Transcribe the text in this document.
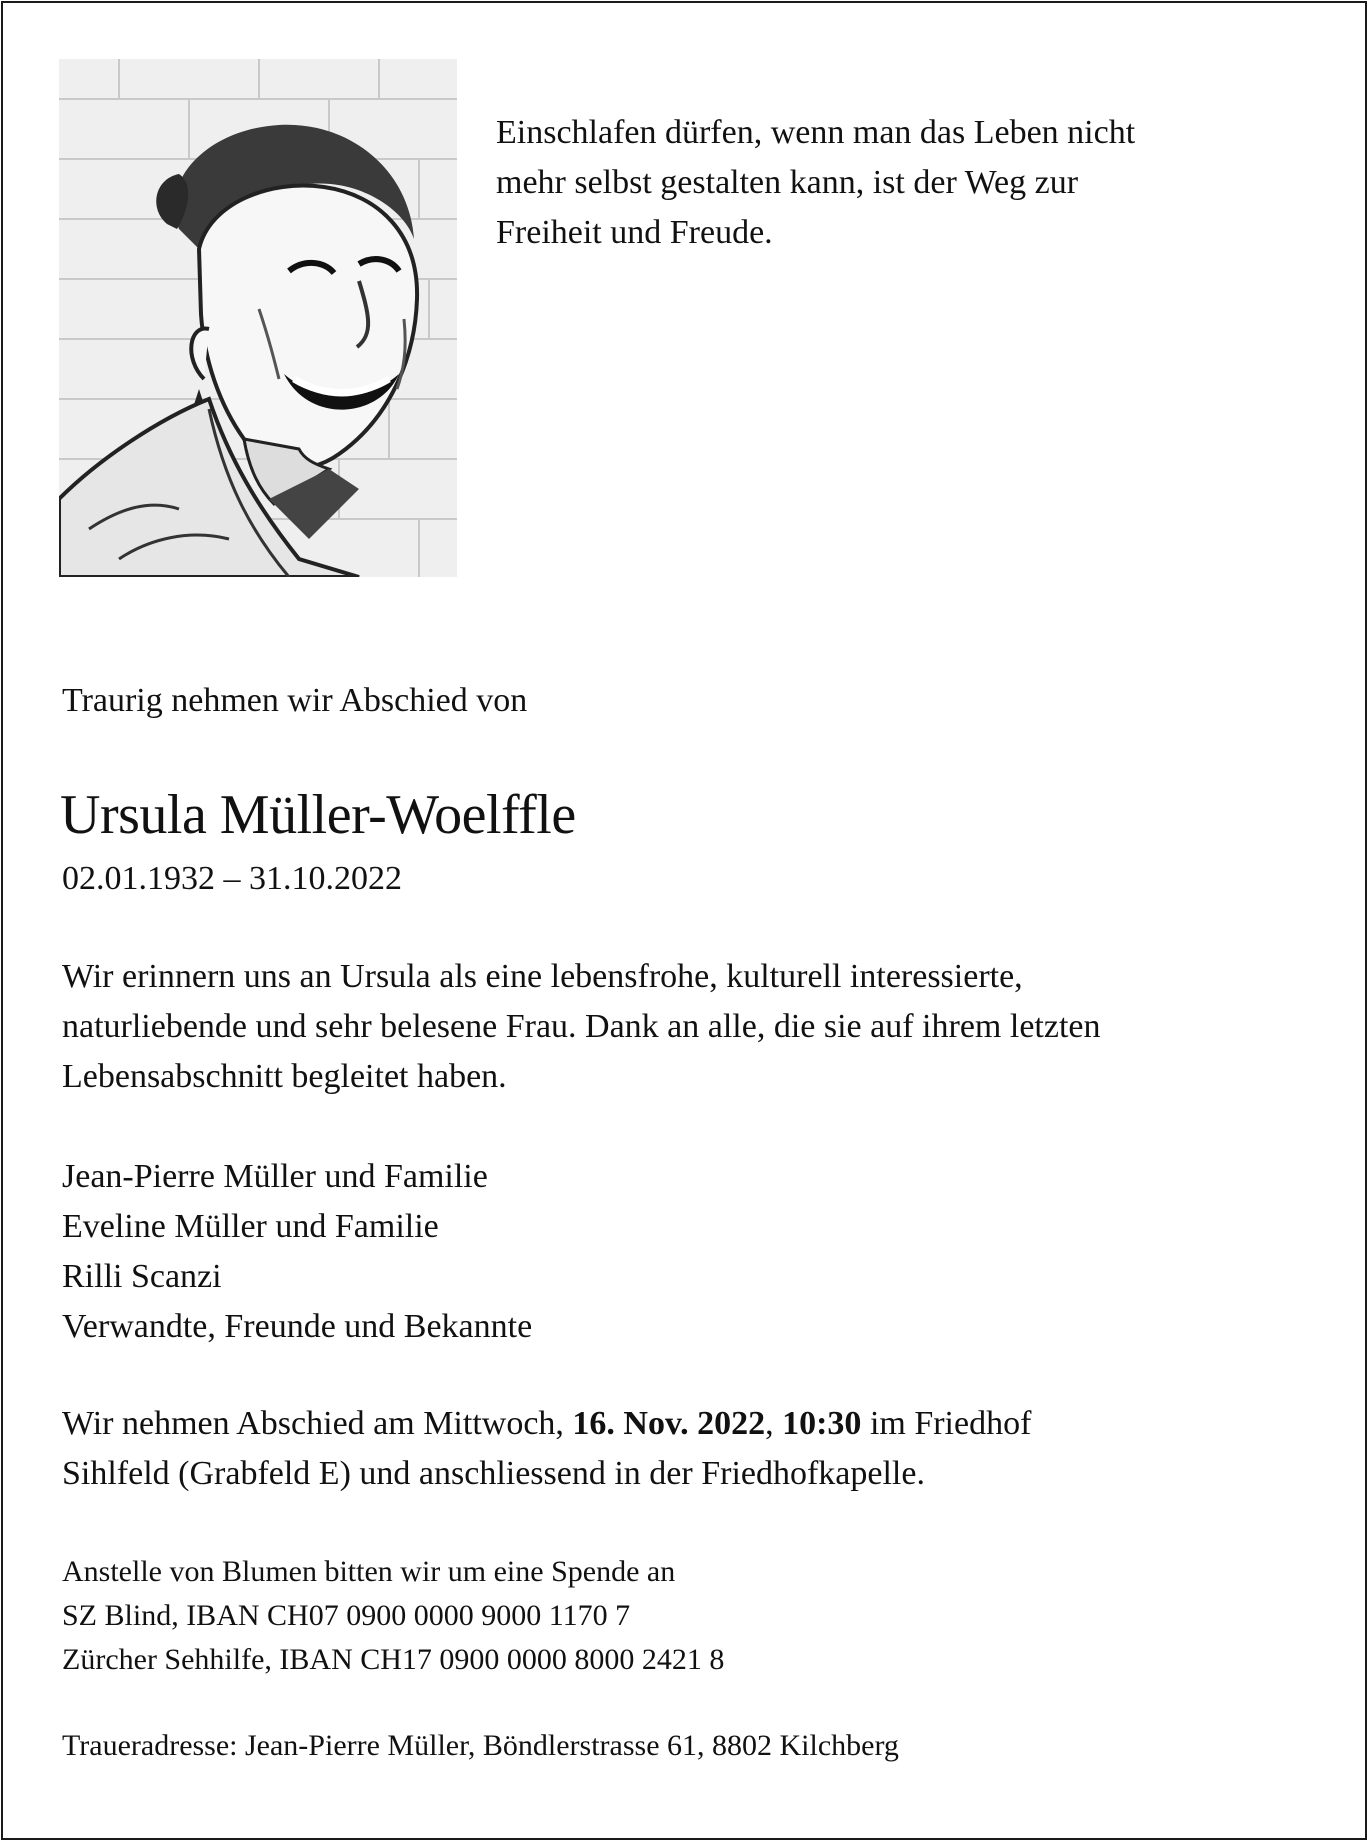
Einschlafen dürfen, wenn man das Leben nicht
mehr selbst gestalten kann, ist der Weg zur
Freiheit und Freude.
Traurig nehmen wir Abschied von
Ursula Müller-Woelffle
02.01.1932 – 31.10.2022
Wir erinnern uns an Ursula als eine lebensfrohe, kulturell interessierte,
naturliebende und sehr belesene Frau. Dank an alle, die sie auf ihrem letzten
Lebensabschnitt begleitet haben.
Jean-Pierre Müller und Familie
Eveline Müller und Familie
Rilli Scanzi
Verwandte, Freunde und Bekannte
Wir nehmen Abschied am Mittwoch, 16. Nov. 2022, 10:30 im Friedhof
Sihlfeld (Grabfeld E) und anschliessend in der Friedhofkapelle.
Anstelle von Blumen bitten wir um eine Spende an
SZ Blind, IBAN CH07 0900 0000 9000 1170 7
Zürcher Sehhilfe, IBAN CH17 0900 0000 8000 2421 8
Traueradresse: Jean-Pierre Müller, Böndlerstrasse 61, 8802 Kilchberg
